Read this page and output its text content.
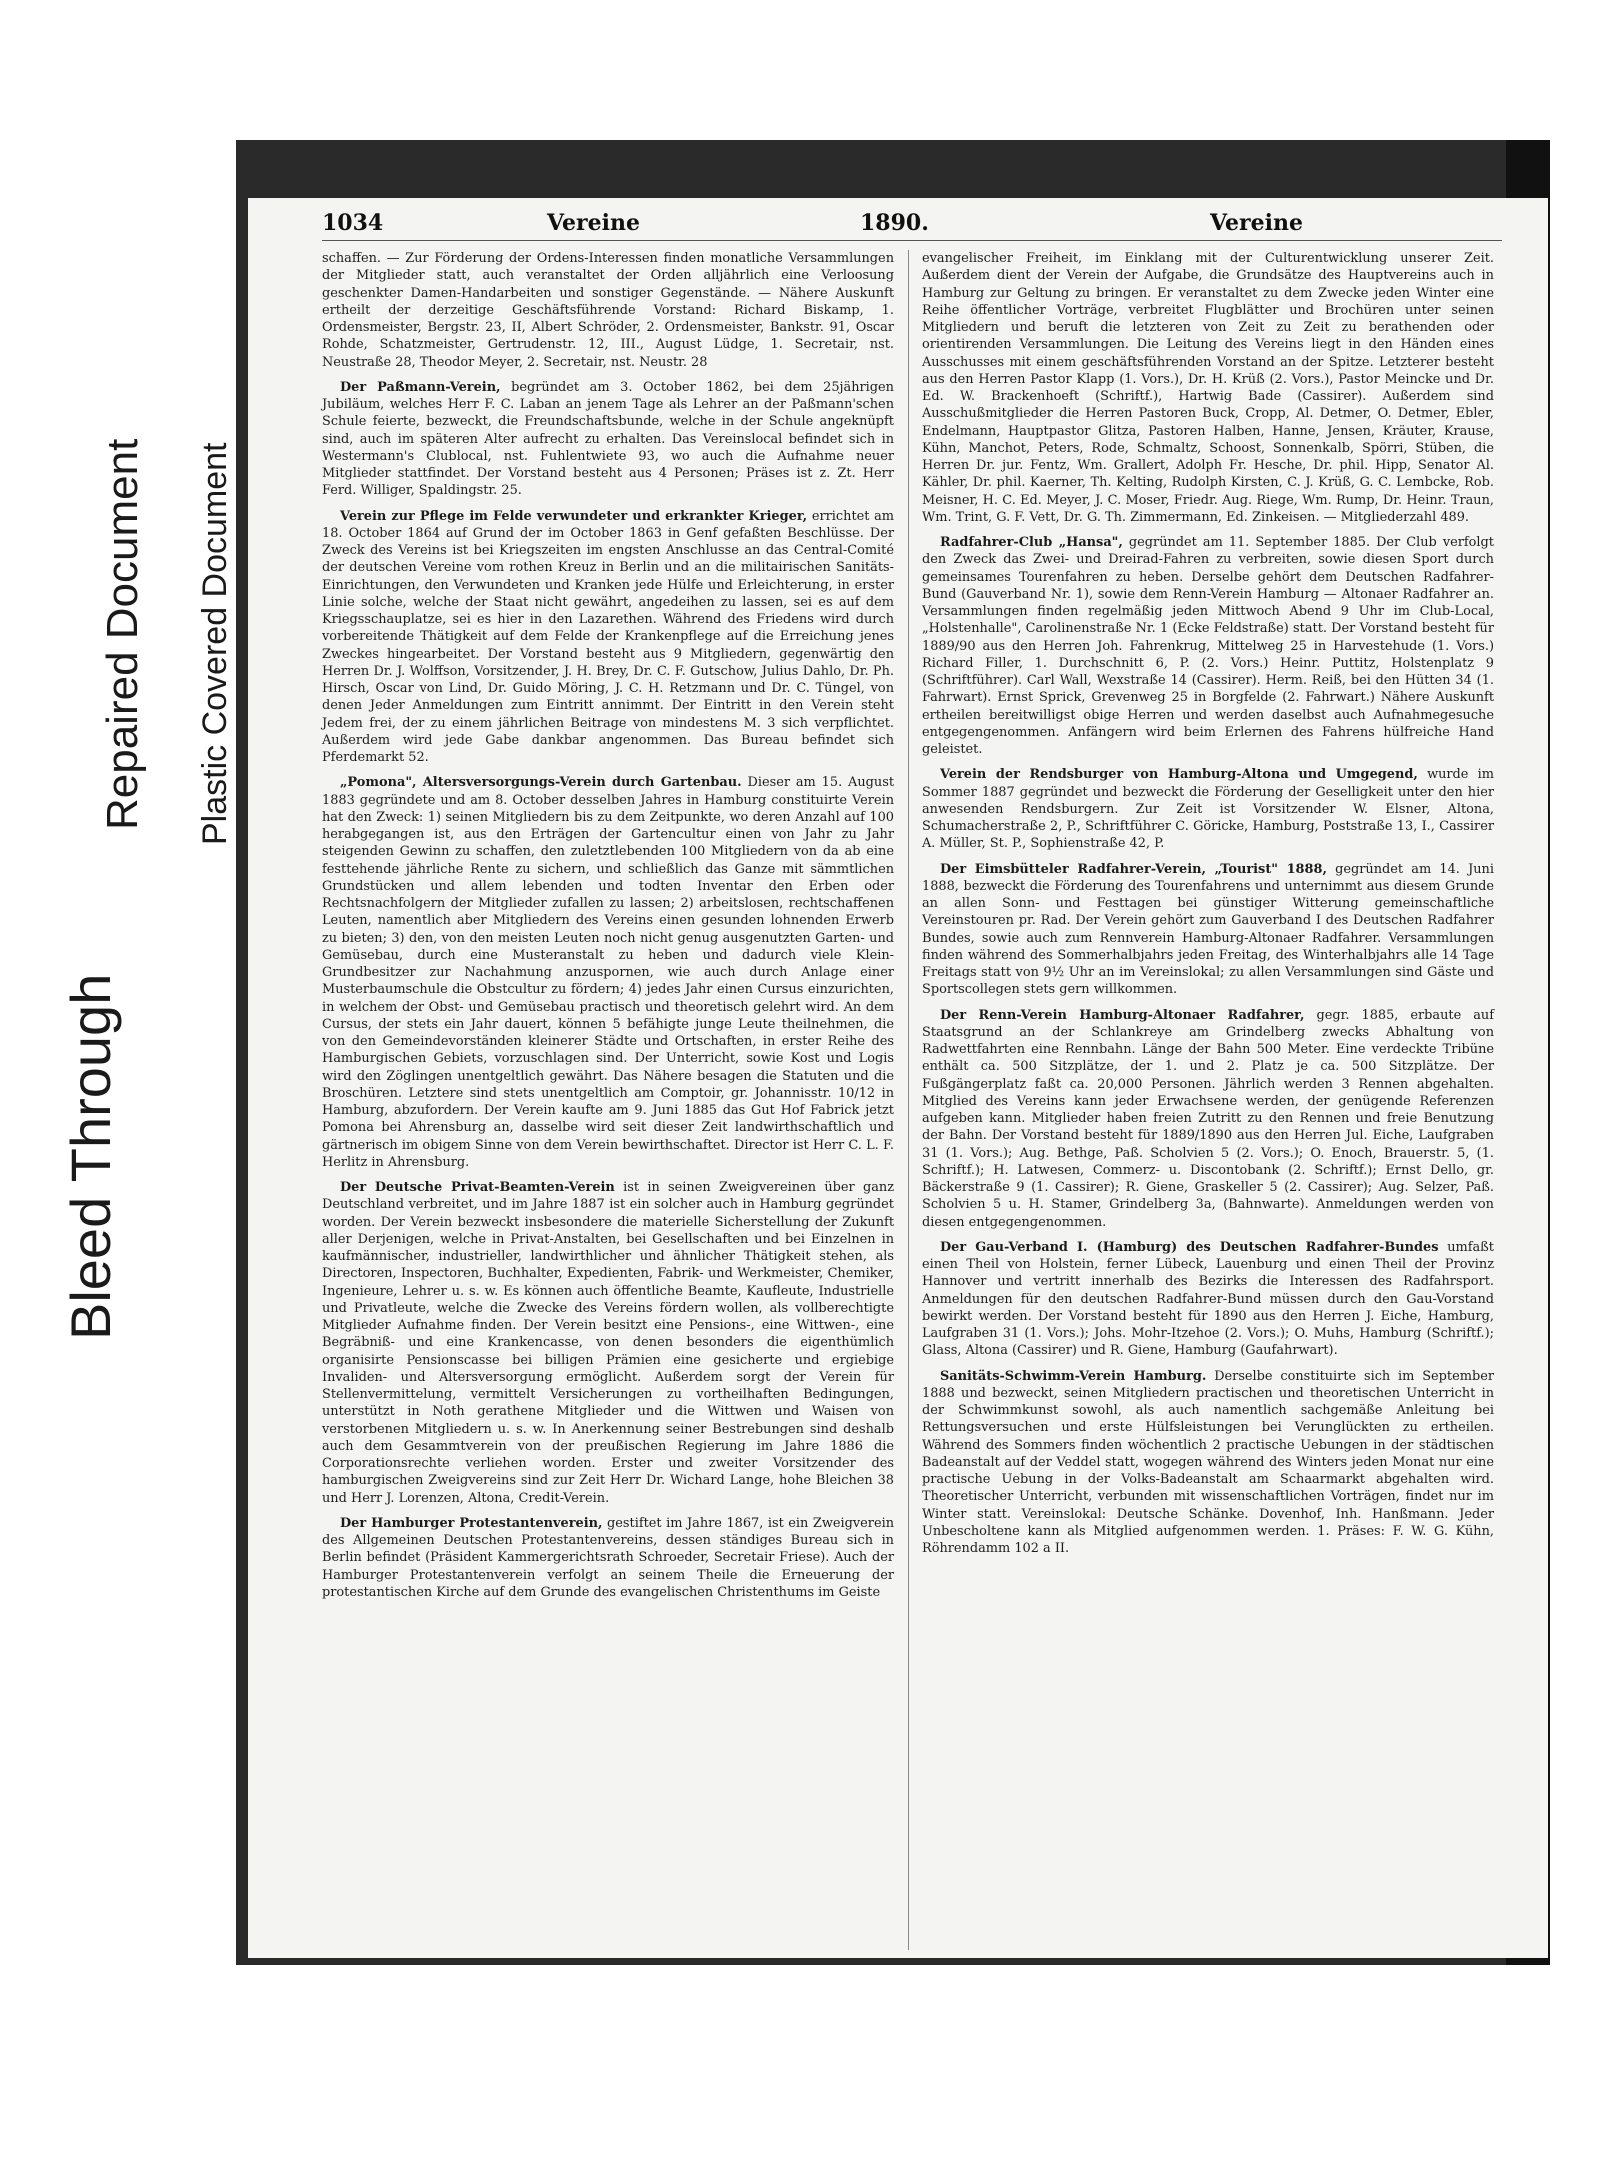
Bleed Through
Repaired Document Plastic Covered Document
1034	Vereine	1890.	Vereine

schaffen. — Zur Förderung der Ordens-Interessen finden monatliche Versammlungen der Mitglieder statt, auch veranstaltet der Orden alljährlich eine Verloosung geschenkter Damen-Handarbeiten und sonstiger Gegenstände. — Nähere Auskunft ertheilt der derzeitige Geschäftsführende Vorstand: Richard Biskamp, 1. Ordensmeister, Bergstr. 23, II, Albert Schröder, 2. Ordensmeister, Bankstr. 91, Oscar Rohde, Schatzmeister, Gertrudenstr. 12, III., August Lüdge, 1. Secretair, nst. Neustraße 28, Theodor Meyer, 2. Secretair, nst. Neustr. 28

Der Paßmann-Verein, begründet am 3. October 1862, bei dem 25jährigen Jubiläum, welches Herr F. C. Laban an jenem Tage als Lehrer an der Paßmann'schen Schule feierte, bezweckt, die Freundschaftsbunde, welche in der Schule angeknüpft sind, auch im späteren Alter aufrecht zu erhalten. Das Vereinslocal befindet sich in Westermann's Clublocal, nst. Fuhlentwiete 93, wo auch die Aufnahme neuer Mitglieder stattfindet. Der Vorstand besteht aus 4 Personen; Präses ist z. Zt. Herr Ferd. Williger, Spaldingstr. 25.

Verein zur Pflege im Felde verwundeter und erkrankter Krieger, errichtet am 18. October 1864 auf Grund der im October 1863 in Genf gefaßten Beschlüsse. Der Zweck des Vereins ist bei Kriegszeiten im engsten Anschlusse an das Central-Comité der deutschen Vereine vom rothen Kreuz in Berlin und an die militairischen Sanitäts-Einrichtungen, den Verwundeten und Kranken jede Hülfe und Erleichterung, in erster Linie solche, welche der Staat nicht gewährt, angedeihen zu lassen, sei es auf dem Kriegsschauplatze, sei es hier in den Lazarethen. Während des Friedens wird durch vorbereitende Thätigkeit auf dem Felde der Krankenpflege auf die Erreichung jenes Zweckes hingearbeitet. Der Vorstand besteht aus 9 Mitgliedern, gegenwärtig den Herren Dr. J. Wolffson, Vorsitzender, J. H. Brey, Dr. C. F. Gutschow, Julius Dahlo, Dr. Ph. Hirsch, Oscar von Lind, Dr. Guido Möring, J. C. H. Retzmann und Dr. C. Tüngel, von denen Jeder Anmeldungen zum Eintritt annimmt. Der Eintritt in den Verein steht Jedem frei, der zu einem jährlichen Beitrage von mindestens M. 3 sich verpflichtet. Außerdem wird jede Gabe dankbar angenommen. Das Bureau befindet sich Pferdemarkt 52.

„Pomona", Altersversorgungs-Verein durch Gartenbau. Dieser am 15. August 1883 gegründete und am 8. October desselben Jahres in Hamburg constituirte Verein hat den Zweck: 1) seinen Mitgliedern bis zu dem Zeitpunkte, wo deren Anzahl auf 100 herabgegangen ist, aus den Erträgen der Gartencultur einen von Jahr zu Jahr steigenden Gewinn zu schaffen, den zuletztlebenden 100 Mitgliedern von da ab eine festtehende jährliche Rente zu sichern, und schließlich das Ganze mit sämmtlichen Grundstücken und allem lebenden und todten Inventar den Erben oder Rechtsnachfolgern der Mitglieder zufallen zu lassen; 2) arbeitslosen, rechtschaffenen Leuten, namentlich aber Mitgliedern des Vereins einen gesunden lohnenden Erwerb zu bieten; 3) den, von den meisten Leuten noch nicht genug ausgenutzten Garten- und Gemüsebau, durch eine Musteranstalt zu heben und dadurch viele Klein-Grundbesitzer zur Nachahmung anzuspornen, wie auch durch Anlage einer Musterbaumschule die Obstcultur zu fördern; 4) jedes Jahr einen Cursus einzurichten, in welchem der Obst- und Gemüsebau practisch und theoretisch gelehrt wird. An dem Cursus, der stets ein Jahr dauert, können 5 befähigte junge Leute theilnehmen, die von den Gemeindevorständen kleinerer Städte und Ortschaften, in erster Reihe des Hamburgischen Gebiets, vorzuschlagen sind. Der Unterricht, sowie Kost und Logis wird den Zöglingen unentgeltlich gewährt. Das Nähere besagen die Statuten und die Broschüren. Letztere sind stets unentgeltlich am Comptoir, gr. Johannisstr. 10/12 in Hamburg, abzufordern. Der Verein kaufte am 9. Juni 1885 das Gut Hof Fabrick jetzt Pomona bei Ahrensburg an, dasselbe wird seit dieser Zeit landwirthschaftlich und gärtnerisch im obigem Sinne von dem Verein bewirthschaftet. Director ist Herr C. L. F. Herlitz in Ahrensburg.

Der Deutsche Privat-Beamten-Verein ist in seinen Zweigvereinen über ganz Deutschland verbreitet, und im Jahre 1887 ist ein solcher auch in Hamburg gegründet worden. Der Verein bezweckt insbesondere die materielle Sicherstellung der Zukunft aller Derjenigen, welche in Privat-Anstalten, bei Gesellschaften und bei Einzelnen in kaufmännischer, industrieller, landwirthlicher und ähnlicher Thätigkeit stehen, als Directoren, Inspectoren, Buchhalter, Expedienten, Fabrik- und Werkmeister, Chemiker, Ingenieure, Lehrer u. s. w. Es können auch öffentliche Beamte, Kaufleute, Industrielle und Privatleute, welche die Zwecke des Vereins fördern wollen, als vollberechtigte Mitglieder Aufnahme finden. Der Verein besitzt eine Pensions-, eine Wittwen-, eine Begräbniß- und eine Krankencasse, von denen besonders die eigenthümlich organisirte Pensionscasse bei billigen Prämien eine gesicherte und ergiebige Invaliden- und Altersversorgung ermöglicht. Außerdem sorgt der Verein für Stellenvermittelung, vermittelt Versicherungen zu vortheilhaften Bedingungen, unterstützt in Noth gerathene Mitglieder und die Wittwen und Waisen von verstorbenen Mitgliedern u. s. w. In Anerkennung seiner Bestrebungen sind deshalb auch dem Gesammtverein von der preußischen Regierung im Jahre 1886 die Corporationsrechte verliehen worden. Erster und zweiter Vorsitzender des hamburgischen Zweigvereins sind zur Zeit Herr Dr. Wichard Lange, hohe Bleichen 38 und Herr J. Lorenzen, Altona, Credit-Verein.

Der Hamburger Protestantenverein, gestiftet im Jahre 1867, ist ein Zweigverein des Allgemeinen Deutschen Protestantenvereins, dessen ständiges Bureau sich in Berlin befindet (Präsident Kammergerichtsrath Schroeder, Secretair Friese). Auch der Hamburger Protestantenverein verfolgt an seinem Theile die Erneuerung der protestantischen Kirche auf dem Grunde des evangelischen Christenthums im Geiste

evangelischer Freiheit, im Einklang mit der Culturentwicklung unserer Zeit. Außerdem dient der Verein der Aufgabe, die Grundsätze des Hauptvereins auch in Hamburg zur Geltung zu bringen. Er veranstaltet zu dem Zwecke jeden Winter eine Reihe öffentlicher Vorträge, verbreitet Flugblätter und Brochüren unter seinen Mitgliedern und beruft die letzteren von Zeit zu Zeit zu berathenden oder orientirenden Versammlungen. Die Leitung des Vereins liegt in den Händen eines Ausschusses mit einem geschäftsführenden Vorstand an der Spitze. Letzterer besteht aus den Herren Pastor Klapp (1. Vors.), Dr. H. Krüß (2. Vors.), Pastor Meincke und Dr. Ed. W. Brackenhoeft (Schriftf.), Hartwig Bade (Cassirer). Außerdem sind Ausschußmitglieder die Herren Pastoren Buck, Cropp, Al. Detmer, O. Detmer, Ebler, Endelmann, Hauptpastor Glitza, Pastoren Halben, Hanne, Jensen, Kräuter, Krause, Kühn, Manchot, Peters, Rode, Schmaltz, Schoost, Sonnenkalb, Spörri, Stüben, die Herren Dr. jur. Fentz, Wm. Grallert, Adolph Fr. Hesche, Dr. phil. Hipp, Senator Al. Kähler, Dr. phil. Kaerner, Th. Kelting, Rudolph Kirsten, C. J. Krüß, G. C. Lembcke, Rob. Meisner, H. C. Ed. Meyer, J. C. Moser, Friedr. Aug. Riege, Wm. Rump, Dr. Heinr. Traun, Wm. Trint, G. F. Vett, Dr. G. Th. Zimmermann, Ed. Zinkeisen. — Mitgliederzahl 489.

Radfahrer-Club „Hansa", gegründet am 11. September 1885. Der Club verfolgt den Zweck das Zwei- und Dreirad-Fahren zu verbreiten, sowie diesen Sport durch gemeinsames Tourenfahren zu heben. Derselbe gehört dem Deutschen Radfahrer-Bund (Gauverband Nr. 1), sowie dem Renn-Verein Hamburg — Altonaer Radfahrer an. Versammlungen finden regelmäßig jeden Mittwoch Abend 9 Uhr im Club-Local, „Holstenhalle", Carolinenstraße Nr. 1 (Ecke Feldstraße) statt. Der Vorstand besteht für 1889/90 aus den Herren Joh. Fahrenkrug, Mittelweg 25 in Harvestehude (1. Vors.) Richard Filler, 1. Durchschnitt 6, P. (2. Vors.) Heinr. Puttitz, Holstenplatz 9 (Schriftführer). Carl Wall, Wexstraße 14 (Cassirer). Herm. Reiß, bei den Hütten 34 (1. Fahrwart). Ernst Sprick, Grevenweg 25 in Borgfelde (2. Fahrwart.) Nähere Auskunft ertheilen bereitwilligst obige Herren und werden daselbst auch Aufnahmegesuche entgegengenommen. Anfängern wird beim Erlernen des Fahrens hülfreiche Hand geleistet.

Verein der Rendsburger von Hamburg-Altona und Umgegend, wurde im Sommer 1887 gegründet und bezweckt die Förderung der Geselligkeit unter den hier anwesenden Rendsburgern. Zur Zeit ist Vorsitzender W. Elsner, Altona, Schumacherstraße 2, P., Schriftführer C. Göricke, Hamburg, Poststraße 13, I., Cassirer A. Müller, St. P., Sophienstraße 42, P.

Der Eimsbütteler Radfahrer-Verein, „Tourist" 1888, gegründet am 14. Juni 1888, bezweckt die Förderung des Tourenfahrens und unternimmt aus diesem Grunde an allen Sonn- und Festtagen bei günstiger Witterung gemeinschaftliche Vereinstouren pr. Rad. Der Verein gehört zum Gauverband I des Deutschen Radfahrer Bundes, sowie auch zum Rennverein Hamburg-Altonaer Radfahrer. Versammlungen finden während des Sommerhalbjahrs jeden Freitag, des Winterhalbjahrs alle 14 Tage Freitags statt von 9½ Uhr an im Vereinslokal; zu allen Versammlungen sind Gäste und Sportscollegen stets gern willkommen.

Der Renn-Verein Hamburg-Altonaer Radfahrer, gegr. 1885, erbaute auf Staatsgrund an der Schlankreye am Grindelberg zwecks Abhaltung von Radwettfahrten eine Rennbahn. Länge der Bahn 500 Meter. Eine verdeckte Tribüne enthält ca. 500 Sitzplätze, der 1. und 2. Platz je ca. 500 Sitzplätze. Der Fußgängerplatz faßt ca. 20,000 Personen. Jährlich werden 3 Rennen abgehalten. Mitglied des Vereins kann jeder Erwachsene werden, der genügende Referenzen aufgeben kann. Mitglieder haben freien Zutritt zu den Rennen und freie Benutzung der Bahn. Der Vorstand besteht für 1889/1890 aus den Herren Jul. Eiche, Laufgraben 31 (1. Vors.); Aug. Bethge, Paß. Scholvien 5 (2. Vors.); O. Enoch, Brauerstr. 5, (1. Schriftf.); H. Latwesen, Commerz- u. Discontobank (2. Schriftf.); Ernst Dello, gr. Bäckerstraße 9 (1. Cassirer); R. Giene, Graskeller 5 (2. Cassirer); Aug. Selzer, Paß. Scholvien 5 u. H. Stamer, Grindelberg 3a, (Bahnwarte). Anmeldungen werden von diesen entgegengenommen.

Der Gau-Verband I. (Hamburg) des Deutschen Radfahrer-Bundes umfaßt einen Theil von Holstein, ferner Lübeck, Lauenburg und einen Theil der Provinz Hannover und vertritt innerhalb des Bezirks die Interessen des Radfahrsport. Anmeldungen für den deutschen Radfahrer-Bund müssen durch den Gau-Vorstand bewirkt werden. Der Vorstand besteht für 1890 aus den Herren J. Eiche, Hamburg, Laufgraben 31 (1. Vors.); Johs. Mohr-Itzehoe (2. Vors.); O. Muhs, Hamburg (Schriftf.); Glass, Altona (Cassirer) und R. Giene, Hamburg (Gaufahrwart).

Sanitäts-Schwimm-Verein Hamburg. Derselbe constituirte sich im September 1888 und bezweckt, seinen Mitgliedern practischen und theoretischen Unterricht in der Schwimmkunst sowohl, als auch namentlich sachgemäße Anleitung bei Rettungsversuchen und erste Hülfsleistungen bei Verunglückten zu ertheilen. Während des Sommers finden wöchentlich 2 practische Uebungen in der städtischen Badeanstalt auf der Veddel statt, wogegen während des Winters jeden Monat nur eine practische Uebung in der Volks-Badeanstalt am Schaarmarkt abgehalten wird. Theoretischer Unterricht, verbunden mit wissenschaftlichen Vorträgen, findet nur im Winter statt. Vereinslokal: Deutsche Schänke. Dovenhof, Inh. Hanßmann. Jeder Unbescholtene kann als Mitglied aufgenommen werden. 1. Präses: F. W. G. Kühn, Röhrendamm 102 a II.
